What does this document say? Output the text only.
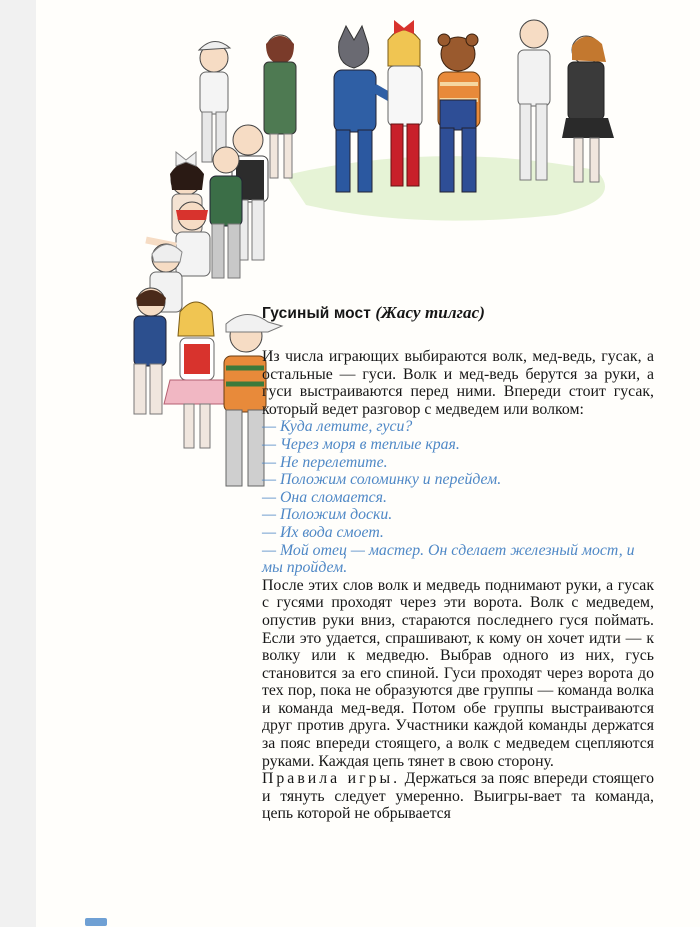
Гусиный мост (Жасу тилгас)

Из числа играющих выбираются волк, мед-ведь, гусак, а остальные — гуси. Волк и мед-ведь берутся за руки, а гуси выстраиваются перед ними. Впереди стоит гусак, который ведет разговор с медведем или волком:

— Куда летите, гуси?
— Через моря в теплые края.
— Не перелетите.
— Положим соломинку и перейдем.
— Она сломается.
— Положим доски.
— Их вода смоет.
— Мой отец — мастер. Он сделает железный мост, и мы пройдем.

После этих слов волк и медведь поднимают руки, а гусак с гусями проходят через эти ворота. Волк с медведем, опустив руки вниз, стараются последнего гуся поймать. Если это удается, спрашивают, к кому он хочет идти — к волку или к медведю. Выбрав одного из них, гусь становится за его спиной. Гуси проходят через ворота до тех пор, пока не образуются две группы — команда волка и команда мед-ведя. Потом обе группы выстраиваются друг против друга. Участники каждой команды держатся за пояс впереди стоящего, а волк с медведем сцепляются руками. Каждая цепь тянет в свою сторону.

Правила игры. Держаться за пояс впереди стоящего и тянуть следует умеренно. Выигры-вает та команда, цепь которой не обрывается
